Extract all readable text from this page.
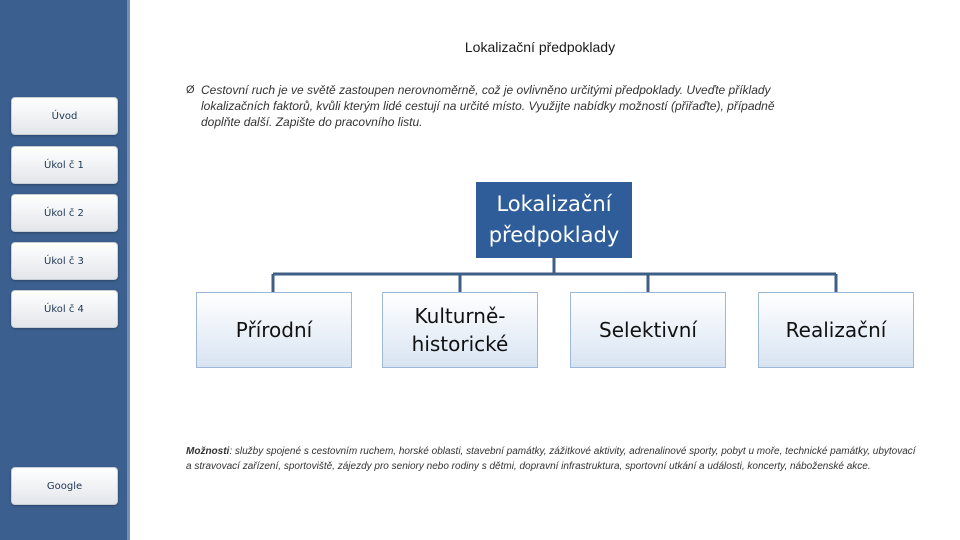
Úvod
Úkol č 1
Úkol č 2
Úkol č 3
Úkol č 4
Google
Lokalizační předpoklady
Ø Cestovní ruch je ve světě zastoupen nerovnoměrně, což je ovlivněno určitými předpoklady. Uveďte příklady
lokalizačních faktorů, kvůli kterým lidé cestují na určité místo. Využijte nabídky možností (přiřaďte), případně
doplňte další. Zapište do pracovního listu.
Lokalizační předpoklady
Přírodní
Kulturně-
historické
Selektivní	Realizační
Možnosti: služby spojené s cestovním ruchem, horské oblasti, stavební památky, zážitkové aktivity, adrenalinové sporty, pobyt u moře, technické památky, ubytovací a stravovací zařízení, sportoviště, zájezdy pro seniory nebo rodiny s dětmi, dopravní infrastruktura, sportovní utkání a události, koncerty, náboženské akce.
